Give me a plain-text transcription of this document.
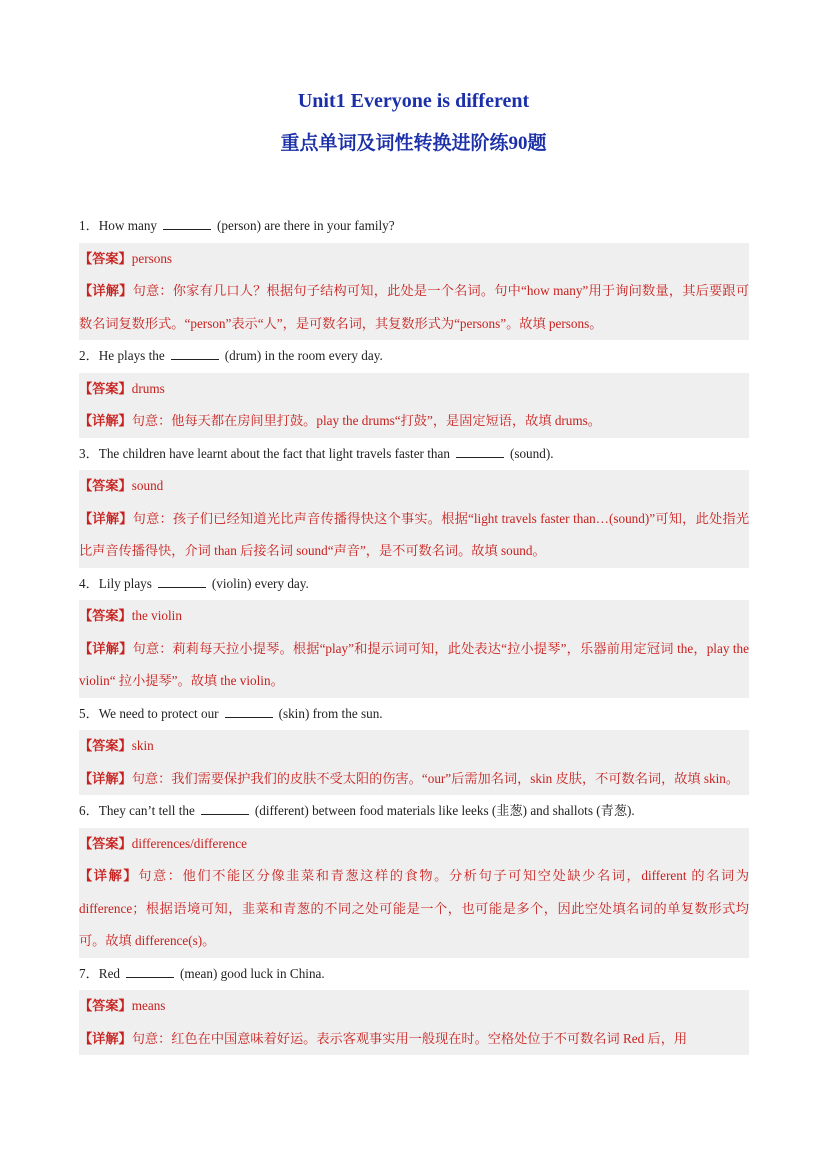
Unit1 Everyone is different
重点单词及词性转换进阶练90题
1．How many	(person) are there in your family?
【答案】persons
【详解】句意：你家有几口人？根据句子结构可知，此处是一个名词。句中“how many”用于询问数量，其后要跟可数名词复数形式。“person”表示“人”，是可数名词，其复数形式为“persons”。故填 persons。
2．He plays the	(drum) in the room every day.
【答案】drums
【详解】句意：他每天都在房间里打鼓。play the drums“打鼓”，是固定短语，故填 drums。
3．The children have learnt about the fact that light travels faster than	(sound).
【答案】sound
【详解】句意：孩子们已经知道光比声音传播得快这个事实。根据“light travels faster than…(sound)”可知，此处指光比声音传播得快，介词 than 后接名词 sound“声音”，是不可数名词。故填 sound。
4．Lily plays	(violin) every day.
【答案】the violin
【详解】句意：莉莉每天拉小提琴。根据“play”和提示词可知，此处表达“拉小提琴”，乐器前用定冠词 the，play the violin“ 拉小提琴”。故填 the violin。
5．We need to protect our	(skin) from the sun.
【答案】skin
【详解】句意：我们需要保护我们的皮肤不受太阳的伤害。“our”后需加名词，skin 皮肤，不可数名词，故填 skin。
6．They can’t tell the	(different) between food materials like leeks (韭葱) and shallots (青葱).
【答案】differences/difference
【详解】句意：他们不能区分像韭菜和青葱这样的食物。分析句子可知空处缺少名词，different 的名词为 difference；根据语境可知，韭菜和青葱的不同之处可能是一个，也可能是多个，因此空处填名词的单复数形式均可。故填 difference(s)。
7．Red	(mean) good luck in China.
【答案】means
【详解】句意：红色在中国意味着好运。表示客观事实用一般现在时。空格处位于不可数名词 Red 后，用
